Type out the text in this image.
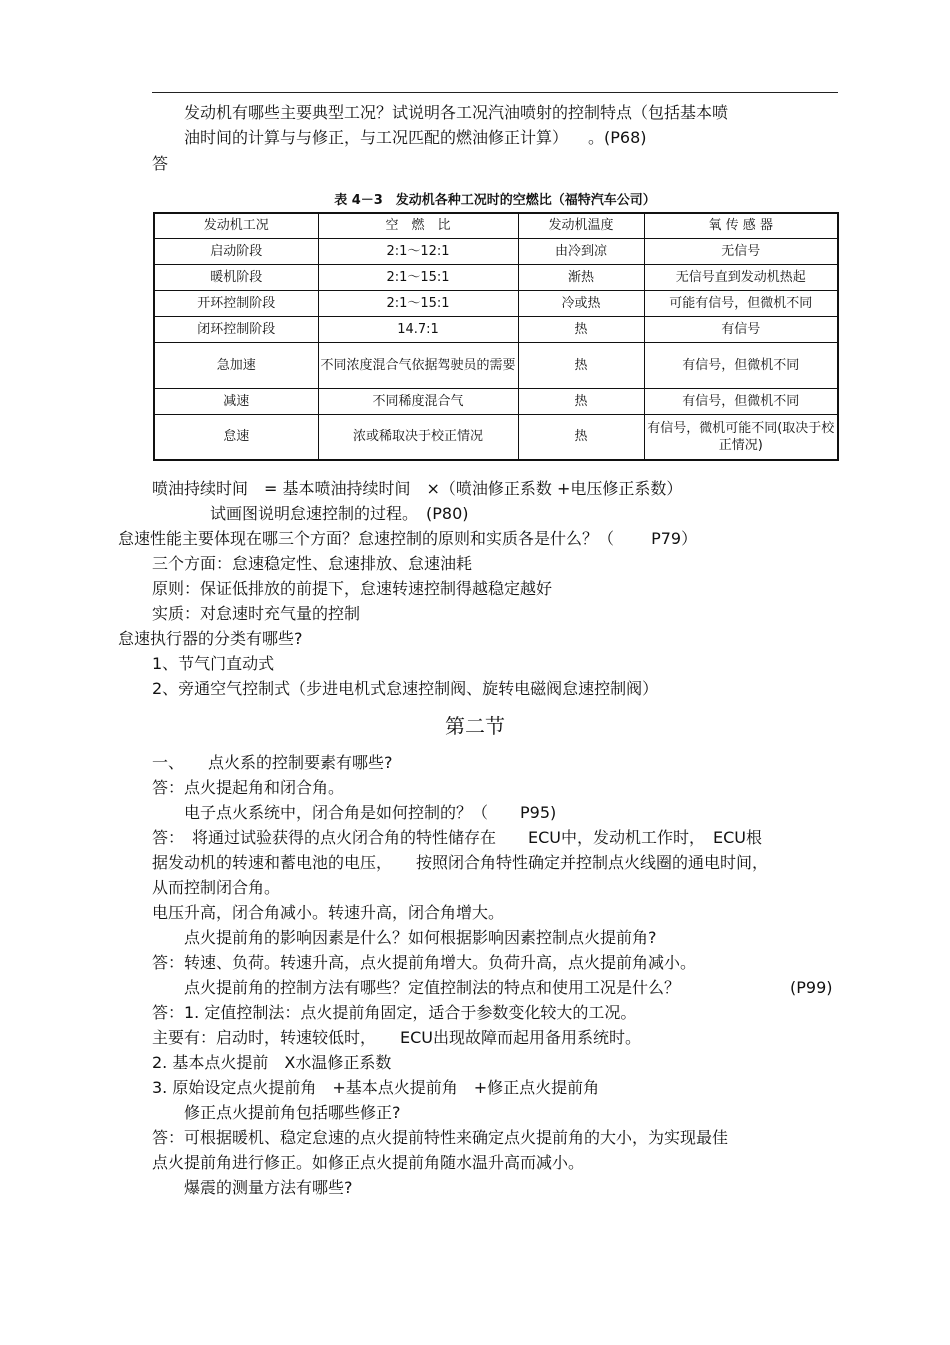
发动机有哪些主要典型工况？试说明各工况汽油喷射的控制特点（包括基本喷
油时间的计算与与修正，与工况匹配的燃油修正计算） 。(P68)
答
表 4－3　发动机各种工况时的空燃比（福特汽车公司）
发动机工况	空　燃　比	发动机温度	氧 传 感 器
启动阶段	2:1～12:1	由冷到凉	无信号
暖机阶段	2:1～15:1	渐热	无信号直到发动机热起
开环控制阶段	2:1～15:1	冷或热	可能有信号，但微机不同
闭环控制阶段	14.7:1	热	有信号
急加速	不同浓度混合气依据驾驶员的需要	热	有信号，但微机不同
减速	不同稀度混合气	热	有信号，但微机不同
怠速	浓或稀取决于校正情况	热	有信号，微机可能不同(取决于校正情况)
喷油持续时间　= 基本喷油持续时间　×（喷油修正系数 +电压修正系数）
试画图说明怠速控制的过程。　(P80)
怠速性能主要体现在哪三个方面？怠速控制的原则和实质各是什么？（　　 P79）
三个方面：怠速稳定性、怠速排放、怠速油耗
原则：保证低排放的前提下，怠速转速控制得越稳定越好
实质：对怠速时充气量的控制
怠速执行器的分类有哪些?
1、节气门直动式
2、旁通空气控制式（步进电机式怠速控制阀、旋转电磁阀怠速控制阀）
第二节
一、　　点火系的控制要素有哪些?
答：点火提起角和闭合角。
电子点火系统中，闭合角是如何控制的？（　　P95)
答：　将通过试验获得的点火闭合角的特性储存在　　ECU中，发动机工作时，　ECU根
据发动机的转速和蓄电池的电压，　　按照闭合角特性确定并控制点火线圈的通电时间，
从而控制闭合角。
电压升高，闭合角减小。转速升高，闭合角增大。
点火提前角的影响因素是什么？如何根据影响因素控制点火提前角?
答：转速、负荷。转速升高，点火提前角增大。负荷升高，点火提前角减小。
点火提前角的控制方法有哪些？定值控制法的特点和使用工况是什么？	(P99)
答：1. 定值控制法：点火提前角固定，适合于参数变化较大的工况。
主要有：启动时，转速较低时，　　ECU出现故障而起用备用系统时。
2. 基本点火提前　X水温修正系数
3. 原始设定点火提前角　+基本点火提前角　+修正点火提前角
修正点火提前角包括哪些修正?
答：可根据暖机、稳定怠速的点火提前特性来确定点火提前角的大小，为实现最佳
点火提前角进行修正。如修正点火提前角随水温升高而减小。
爆震的测量方法有哪些?
